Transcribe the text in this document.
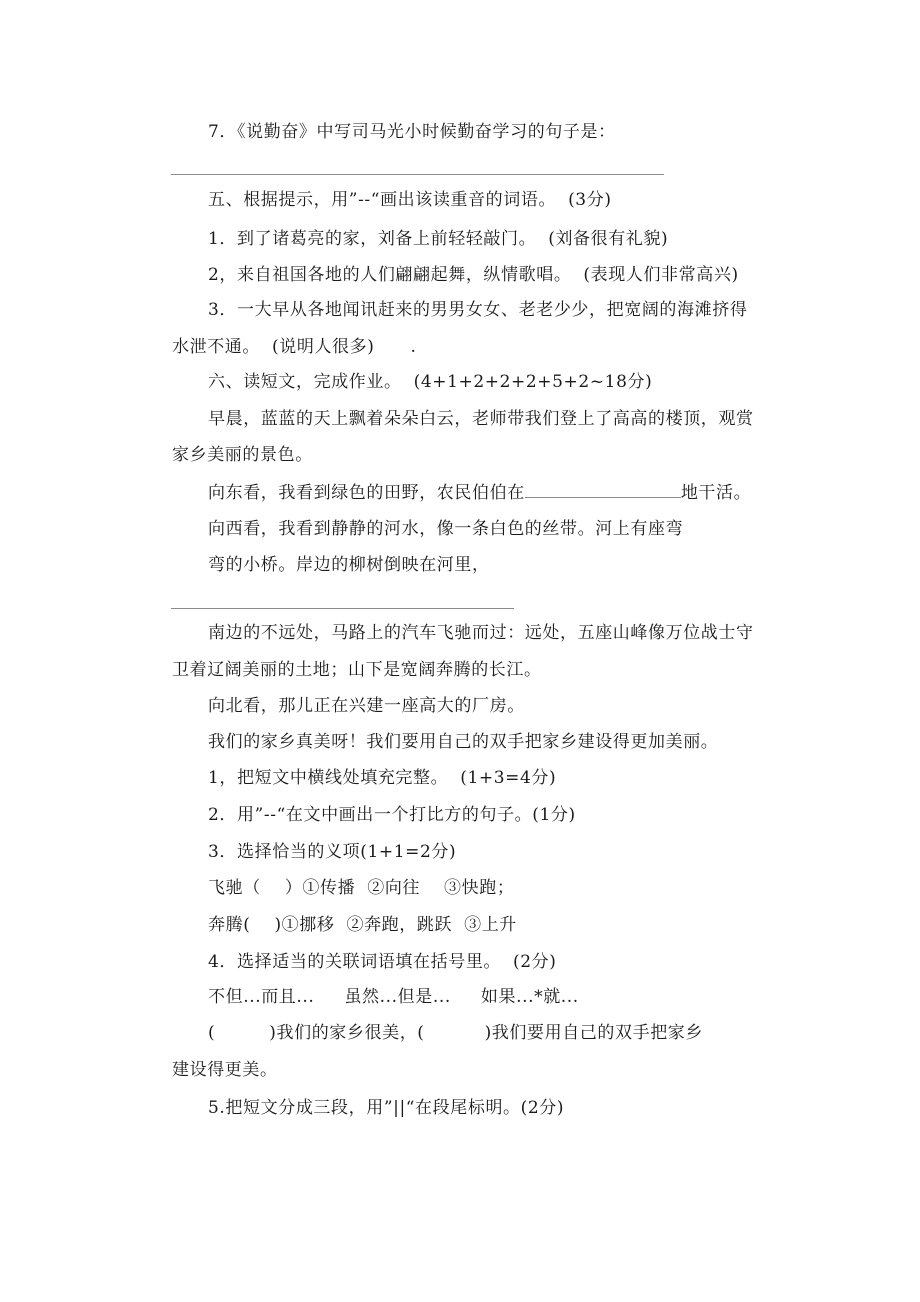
7．《说勤奋》中写司马光小时候勤奋学习的句子是：
五、根据提示，用”--“画出该读重音的词语。  (3分)
1．到了诸葛亮的家，刘备上前轻轻敲门。  (刘备很有礼貌)
2，来自祖国各地的人们翩翩起舞，纵情歌唱。  (表现人们非常高兴)
3．一大早从各地闻讯赶来的男男女女、老老少少，把宽阔的海滩挤得
水泄不通。  (说明人很多)      .
六、读短文，完成作业。  (4+1+2+2+2+5+2~18分)
早晨，蓝蓝的天上飘着朵朵白云，老师带我们登上了高高的楼顶，观赏
家乡美丽的景色。
向东看，我看到绿色的田野，农民伯伯在	地干活。
向西看，我看到静静的河水，像一条白色的丝带。河上有座弯
弯的小桥。岸边的柳树倒映在河里，
南边的不远处，马路上的汽车飞驰而过：远处，五座山峰像万位战士守
卫着辽阔美丽的土地；山下是宽阔奔腾的长江。
向北看，那儿正在兴建一座高大的厂房。
我们的家乡真美呀！我们要用自己的双手把家乡建设得更加美丽。
1，把短文中横线处填充完整。  (1+3=4分)
2．用”--“在文中画出一个打比方的句子。(1分)
3．选择恰当的义项(1+1=2分)
飞驰（    ）①传播  ②向往    ③快跑；
奔腾(    )①挪移  ②奔跑，跳跃  ③上升
4．选择适当的关联词语填在括号里。  (2分)
不但...而且...     虽然...但是...     如果...*就...
(         )我们的家乡很美，(          )我们要用自己的双手把家乡
建设得更美。
5.把短文分成三段，用”||“在段尾标明。(2分)
